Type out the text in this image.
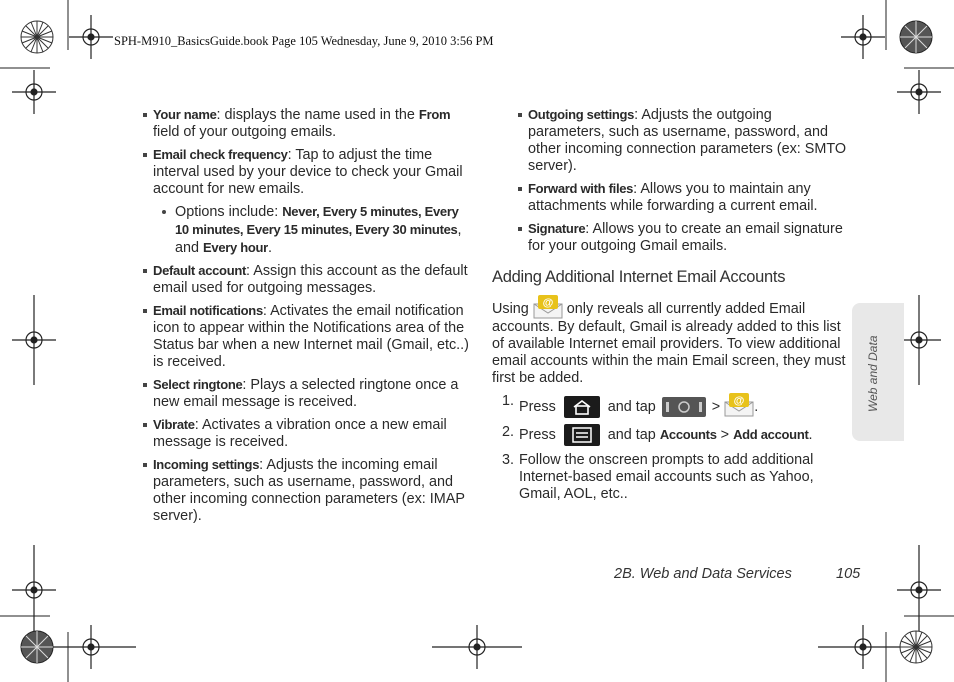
SPH-M910_BasicsGuide.book Page 105 Wednesday, June 9, 2010 3:56 PM
Your name: displays the name used in the From field of your outgoing emails.
Email check frequency: Tap to adjust the time interval used by your device to check your Gmail account for new emails.
Options include: Never, Every 5 minutes, Every 10 minutes, Every 15 minutes, Every 30 minutes, and Every hour.
Default account: Assign this account as the default email used for outgoing messages.
Email notifications: Activates the email notification icon to appear within the Notifications area of the Status bar when a new Internet mail (Gmail, etc..) is received.
Select ringtone: Plays a selected ringtone once a new email message is received.
Vibrate: Activates a vibration once a new email message is received.
Incoming settings: Adjusts the incoming email parameters, such as username, password, and other incoming connection parameters (ex: IMAP server).
Outgoing settings: Adjusts the outgoing parameters, such as username, password, and other incoming connection parameters (ex: SMTO server).
Forward with files: Allows you to maintain any attachments while forwarding a current email.
Signature: Allows you to create an email signature for your outgoing Gmail emails.
Adding Additional Internet Email Accounts
Using @ only reveals all currently added Email accounts. By default, Gmail is already added to this list of available Internet email providers. To view additional email accounts within the main Email screen, they must first be added.
1. Press	and tap	> @ .
2. Press	and tap Accounts > Add account.
3. Follow the onscreen prompts to add additional Internet-based email accounts such as Yahoo, Gmail, AOL, etc..
Web and Data
2B. Web and Data Services	105
